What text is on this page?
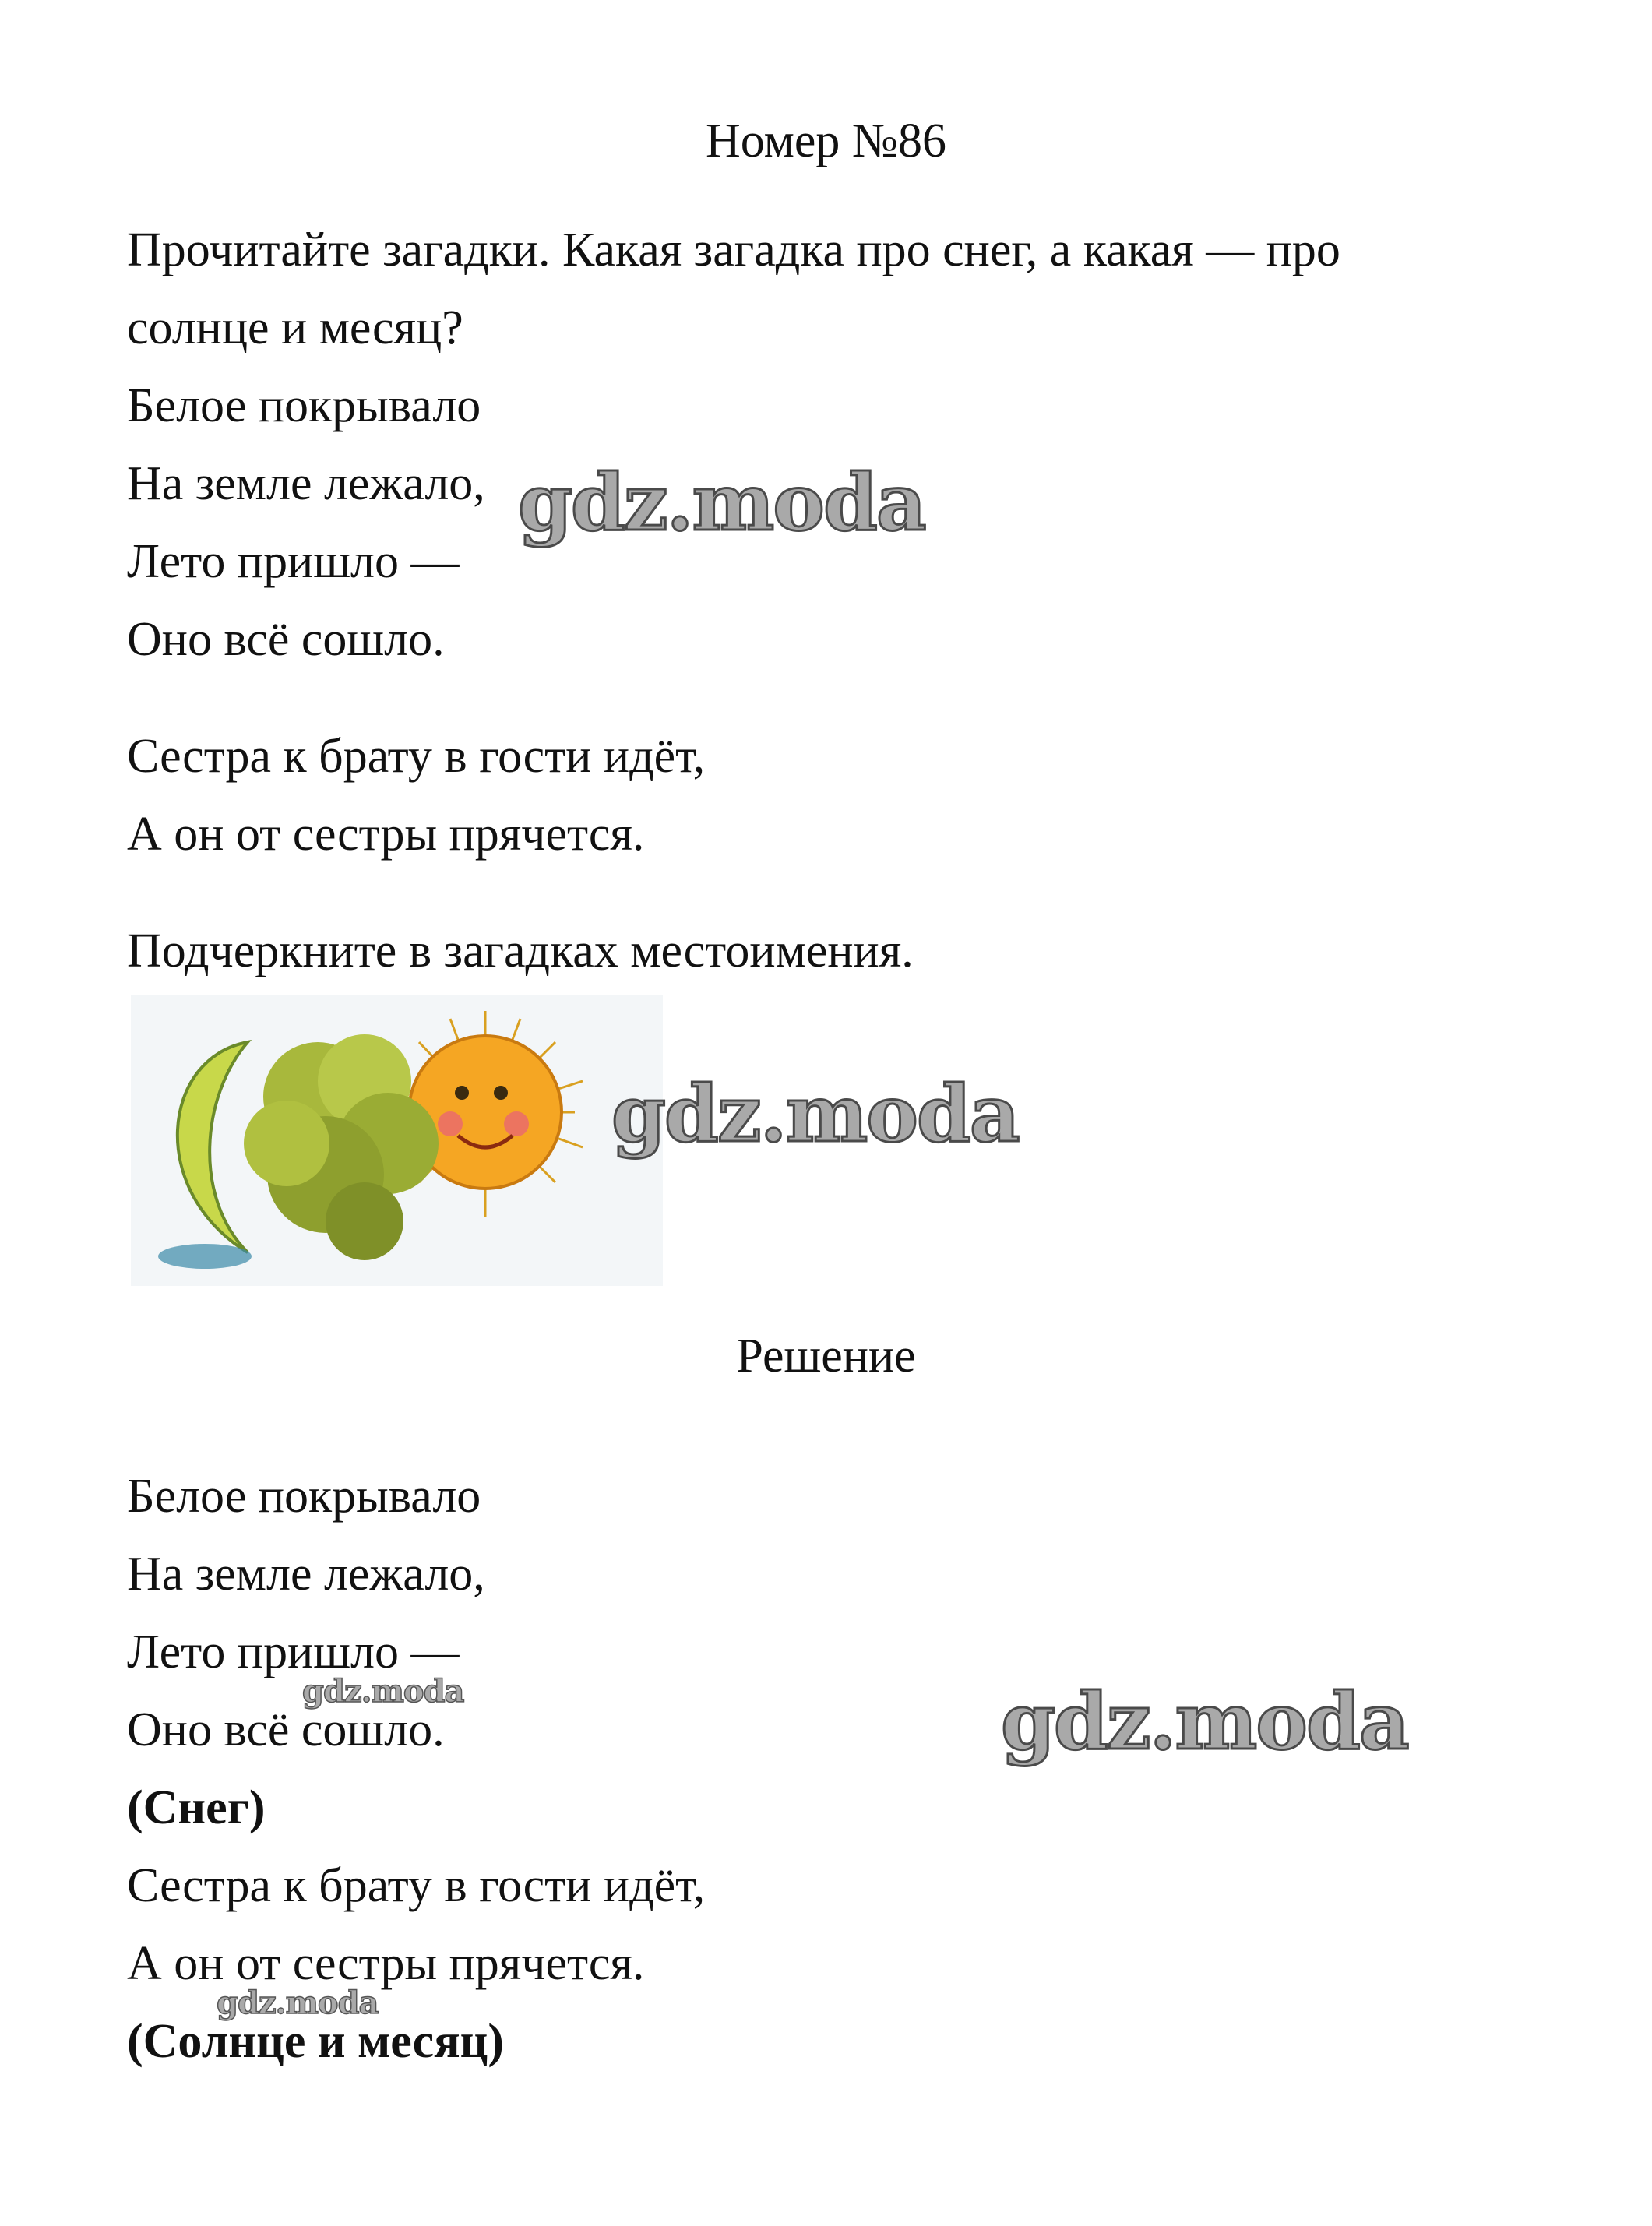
Номер №86

Прочитайте загадки. Какая загадка про снег, а какая — про

солнце и месяц?

Белое покрывало

На земле лежало,

Лето пришло —

Оно всё сошло.

Сестра к брату в гости идёт,

А он от сестры прячется.

Подчеркните в загадках местоимения.

Решение

Белое покрывало

На земле лежало,

Лето пришло —

Оно всё сошло.

(Снег)

Сестра к брату в гости идёт,

А он от сестры прячется.

(Солнце и месяц)

gdz.moda
gdz.moda
gdz.moda
gdz.moda
gdz.moda
